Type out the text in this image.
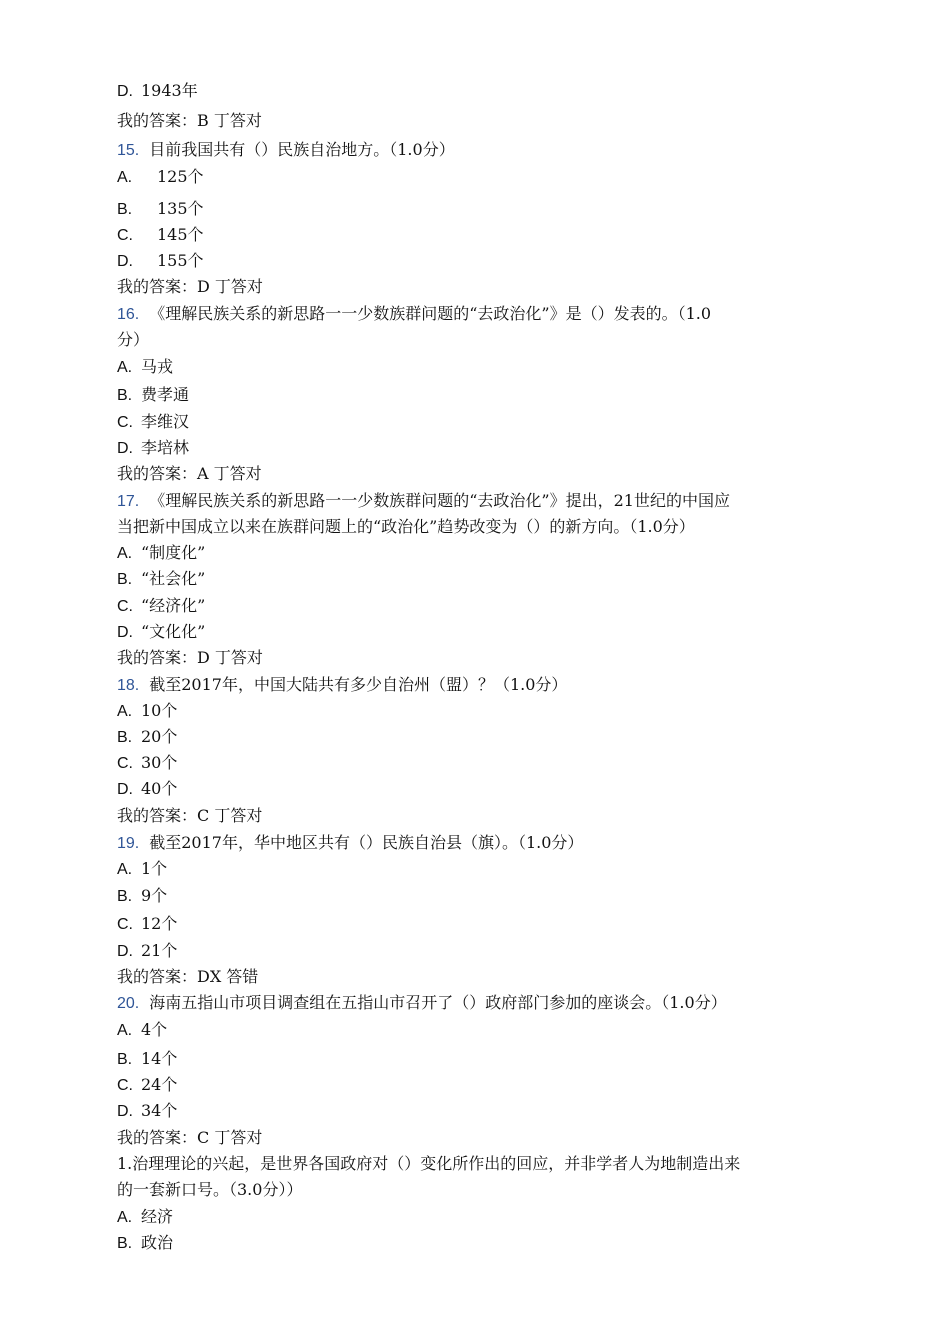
D. 1943年
我的答案：B 丁答对
15. 目前我国共有（）民族自治地方。（1.0分）
A. 125个
B. 135个
C. 145个
D. 155个
我的答案：D 丁答对
16. 《理解民族关系的新思路一一少数族群问题的“去政治化”》是（）发表的。（1.0
分）
A. 马戎
B. 费孝通
C. 李维汉
D. 李培林
我的答案：A 丁答对
17. 《理解民族关系的新思路一一少数族群问题的“去政治化”》提出，21世纪的中国应
当把新中国成立以来在族群问题上的“政治化”趋势改变为（）的新方向。（1.0分）
A. “制度化”
B. “社会化”
C. “经济化”
D. “文化化”
我的答案：D 丁答对
18. 截至2017年，中国大陆共有多少自治州（盟）？（1.0分）
A. 10个
B. 20个
C. 30个
D. 40个
我的答案：C 丁答对
19. 截至2017年，华中地区共有（）民族自治县（旗）。（1.0分）
A. 1个
B. 9个
C. 12个
D. 21个
我的答案：DX 答错
20. 海南五指山市项目调查组在五指山市召开了（）政府部门参加的座谈会。（1.0分）
A. 4个
B. 14个
C. 24个
D. 34个
我的答案：C 丁答对
1.治理理论的兴起，是世界各国政府对（）变化所作出的回应，并非学者人为地制造出来
的一套新口号。（3.0分））
A. 经济
B. 政治
